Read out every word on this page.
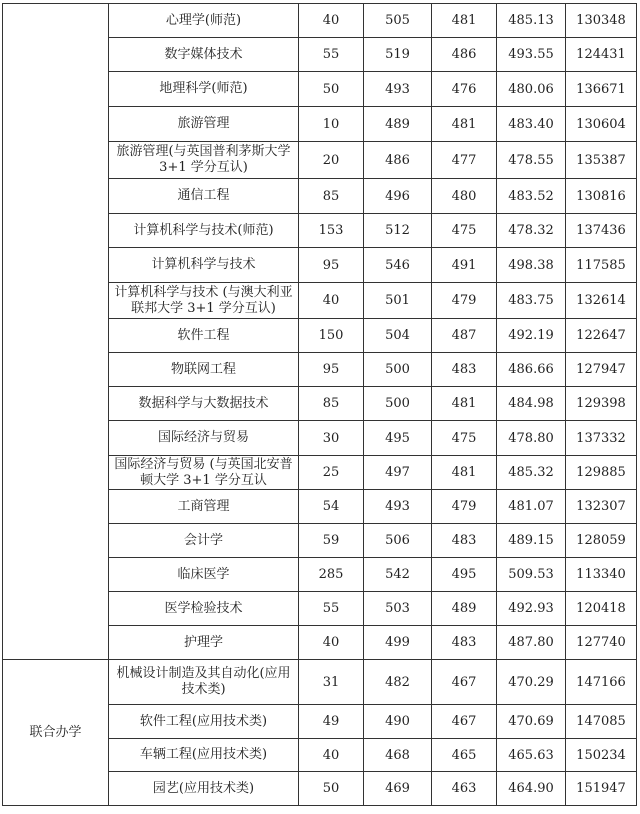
	心理学(师范)	40	505	481	485.13	130348
	数字媒体技术	55	519	486	493.55	124431
	地理科学(师范)	50	493	476	480.06	136671
	旅游管理	10	489	481	483.40	130604
	旅游管理(与英国普利茅斯大学 3+1 学分互认)	20	486	477	478.55	135387
	通信工程	85	496	480	483.52	130816
	计算机科学与技术(师范)	153	512	475	478.32	137436
	计算机科学与技术	95	546	491	498.38	117585
	计算机科学与技术 (与澳大利亚联邦大学 3+1 学分互认)	40	501	479	483.75	132614
	软件工程	150	504	487	492.19	122647
	物联网工程	95	500	483	486.66	127947
	数据科学与大数据技术	85	500	481	484.98	129398
	国际经济与贸易	30	495	475	478.80	137332
	国际经济与贸易 (与英国北安普顿大学 3+1 学分互认	25	497	481	485.32	129885
	工商管理	54	493	479	481.07	132307
	会计学	59	506	483	489.15	128059
	临床医学	285	542	495	509.53	113340
	医学检验技术	55	503	489	492.93	120418
	护理学	40	499	483	487.80	127740
联合办学	机械设计制造及其自动化(应用技术类)	31	482	467	470.29	147166
	软件工程(应用技术类)	49	490	467	470.69	147085
	车辆工程(应用技术类)	40	468	465	465.63	150234
	园艺(应用技术类)	50	469	463	464.90	151947
